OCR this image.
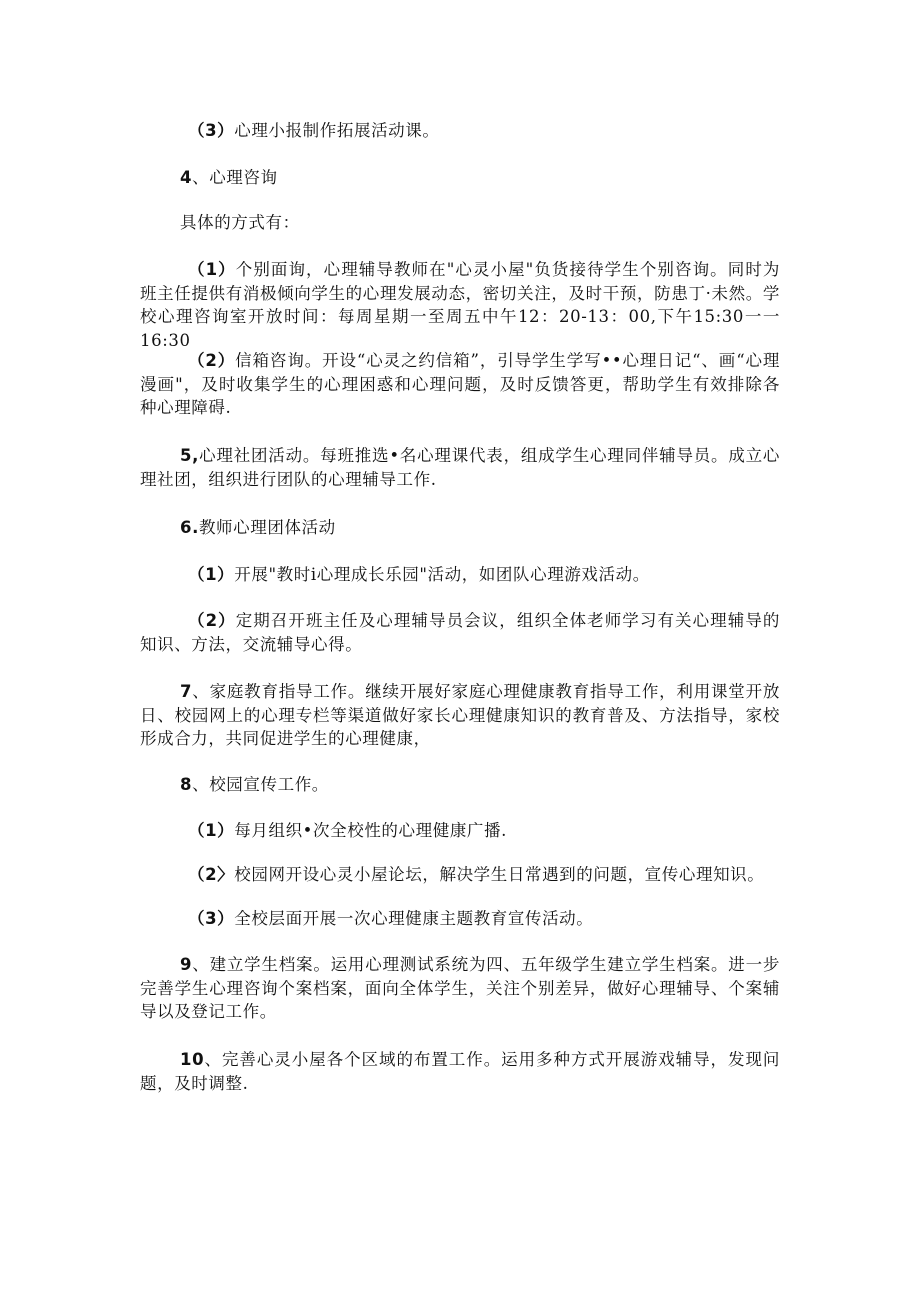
（3）心理小报制作拓展活动课。

4、心理咨询

具体的方式有：

（1）个别面询，心理辅导教师在"心灵小屋"负货接待学生个别咨询。同时为班主任提供有消极倾向学生的心理发展动态，密切关注，及时干预，防患丁·未然。学校心理咨询室开放时间：每周星期一至周五中午12：20-13：00,下午15:30一一16:30

（2）信箱咨询。开设“心灵之约信箱”，引导学生学写••心理日记“、画“心理漫画"，及时收集学生的心理困惑和心理问题，及时反馈答更，帮助学生有效排除各种心理障碍.

5,心理社团活动。每班推选•名心理课代表，组成学生心理同伴辅导员。成立心理社团，组织进行团队的心理辅导工作.

6.教师心理团体活动

（1）开展"教时i心理成长乐园"活动，如团队心理游戏活动。

（2）定期召开班主任及心理辅导员会议，组织全体老师学习有关心理辅导的知识、方法，交流辅导心得。

7、家庭教育指导工作。继续开展好家庭心理健康教育指导工作，利用课堂开放日、校园网上的心理专栏等渠道做好家长心理健康知识的教育普及、方法指导，家校形成合力，共同促进学生的心理健康，

8、校园宣传工作。

（1）每月组织•次全校性的心理健康广播.

（2〉校园网开设心灵小屋论坛，解决学生日常遇到的问题，宣传心理知识。

（3）全校层面开展一次心理健康主题教育宣传活动。

9、建立学生档案。运用心理测试系统为四、五年级学生建立学生档案。进一步完善学生心理咨询个案档案，面向全体学生，关注个别差异，做好心理辅导、个案辅导以及登记工作。

10、完善心灵小屋各个区域的布置工作。运用多种方式开展游戏辅导，发现问题，及时调整.
